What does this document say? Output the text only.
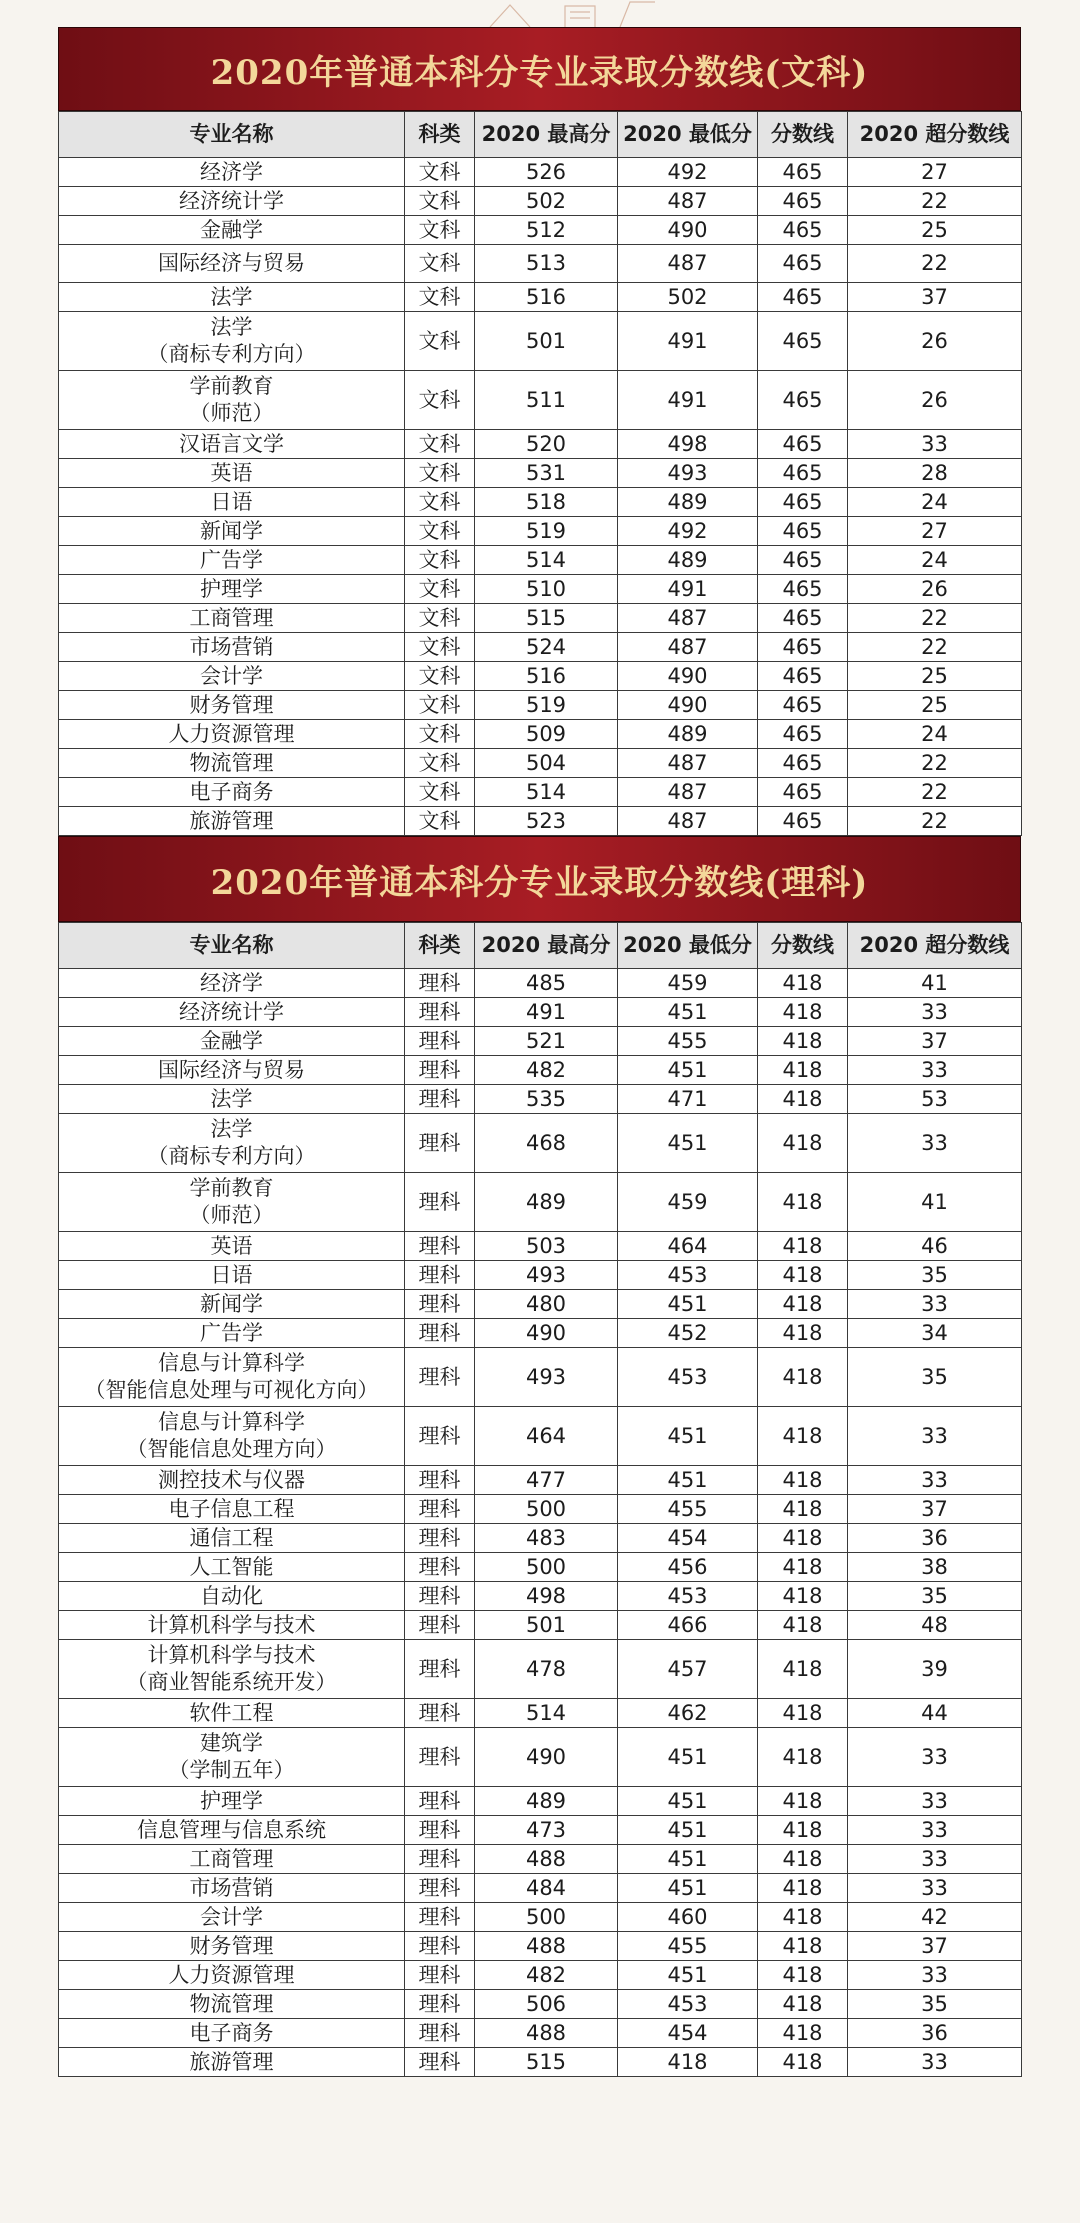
2020年普通本科分专业录取分数线(文科)
专业名称	科类	2020 最高分	2020 最低分	分数线	2020 超分数线

经济学	文科	526	492	465	27

经济统计学	文科	502	487	465	22

金融学	文科	512	490	465	25

国际经济与贸易	文科	513	487	465	22

法学	文科	516	502	465	37

法学
（商标专利方向）	文科	501	491	465	26

学前教育
（师范）	文科	511	491	465	26

汉语言文学	文科	520	498	465	33

英语	文科	531	493	465	28

日语	文科	518	489	465	24

新闻学	文科	519	492	465	27

广告学	文科	514	489	465	24

护理学	文科	510	491	465	26

工商管理	文科	515	487	465	22

市场营销	文科	524	487	465	22

会计学	文科	516	490	465	25

财务管理	文科	519	490	465	25

人力资源管理	文科	509	489	465	24

物流管理	文科	504	487	465	22

电子商务	文科	514	487	465	22

旅游管理	文科	523	487	465	22
2020年普通本科分专业录取分数线(理科)
专业名称	科类	2020 最高分	2020 最低分	分数线	2020 超分数线

经济学	理科	485	459	418	41

经济统计学	理科	491	451	418	33

金融学	理科	521	455	418	37

国际经济与贸易	理科	482	451	418	33

法学	理科	535	471	418	53

法学
（商标专利方向）	理科	468	451	418	33

学前教育
（师范）	理科	489	459	418	41

英语	理科	503	464	418	46

日语	理科	493	453	418	35

新闻学	理科	480	451	418	33

广告学	理科	490	452	418	34

信息与计算科学
（智能信息处理与可视化方向）	理科	493	453	418	35

信息与计算科学
（智能信息处理方向）	理科	464	451	418	33

测控技术与仪器	理科	477	451	418	33

电子信息工程	理科	500	455	418	37

通信工程	理科	483	454	418	36

人工智能	理科	500	456	418	38

自动化	理科	498	453	418	35

计算机科学与技术	理科	501	466	418	48

计算机科学与技术
（商业智能系统开发）	理科	478	457	418	39

软件工程	理科	514	462	418	44

建筑学
（学制五年）	理科	490	451	418	33

护理学	理科	489	451	418	33

信息管理与信息系统	理科	473	451	418	33

工商管理	理科	488	451	418	33

市场营销	理科	484	451	418	33

会计学	理科	500	460	418	42

财务管理	理科	488	455	418	37

人力资源管理	理科	482	451	418	33

物流管理	理科	506	453	418	35

电子商务	理科	488	454	418	36

旅游管理	理科	515	418	418	33
